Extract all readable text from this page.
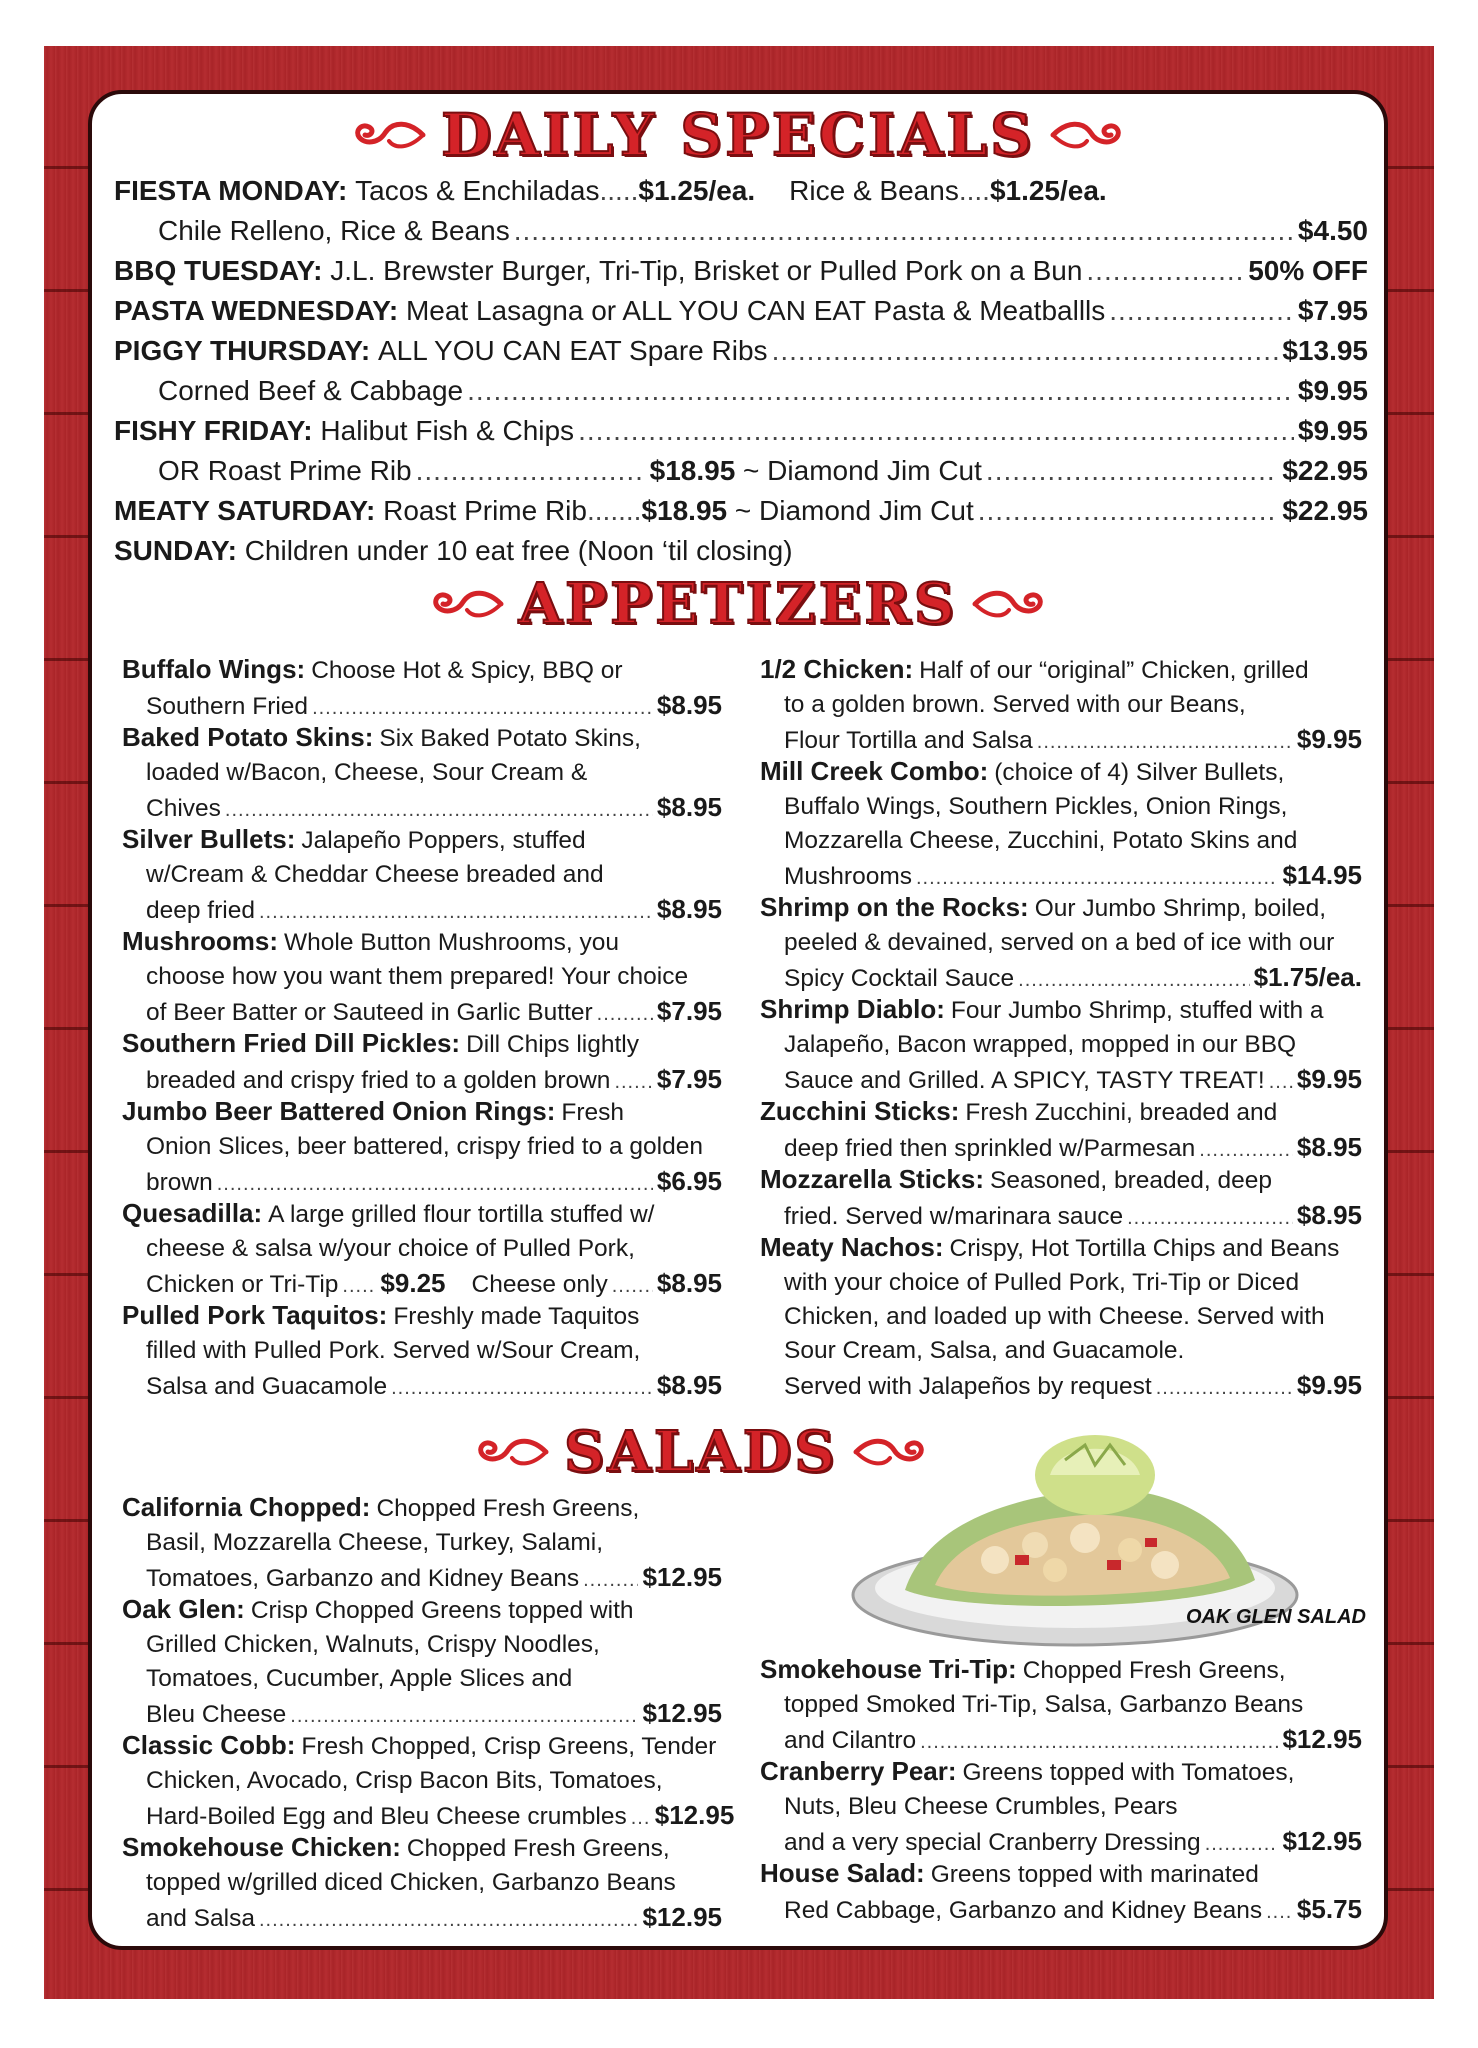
DAILY SPECIALS
FIESTA MONDAY:
Tacos & Enchiladas ..... $1.25/ea. Rice & Beans .... $1.25/ea.
Chile Relleno, Rice & Beans .....	$4.50
BBQ TUESDAY:
J.L. Brewster Burger, Tri-Tip, Brisket or Pulled Pork on a Bun .....	50% OFF
PASTA WEDNESDAY:
Meat Lasagna or ALL YOU CAN EAT Pasta & Meatballls .....	$7.95
PIGGY THURSDAY:
ALL YOU CAN EAT Spare Ribs .....	$13.95
Corned Beef & Cabbage .....	$9.95
FISHY FRIDAY:
Halibut Fish & Chips .....	$9.95
OR Roast Prime Rib .....	$18.95
~ Diamond Jim Cut .....	$22.95
MEATY SATURDAY:
Roast Prime Rib ....... $18.95
~ Diamond Jim Cut .....	$22.95
SUNDAY:
Children under 10 eat free (Noon ‘til closing)
APPETIZERS
Buffalo Wings: Choose Hot & Spicy, BBQ or
Southern Fried .....	$8.95
Baked Potato Skins: Six Baked Potato Skins,
loaded w/Bacon, Cheese, Sour Cream &
Chives .....	$8.95
Silver Bullets: Jalapeño Poppers, stuffed
w/Cream & Cheddar Cheese breaded and
deep fried .....	$8.95
Mushrooms: Whole Button Mushrooms, you
choose how you want them prepared! Your choice
of Beer Batter or Sauteed in Garlic Butter ..... $7.95
Southern Fried Dill Pickles: Dill Chips lightly
breaded and crispy fried to a golden brown ..... $7.95
Jumbo Beer Battered Onion Rings: Fresh
Onion Slices, beer battered, crispy fried to a golden
brown .....	$6.95
Quesadilla: A large grilled flour tortilla stuffed w/
cheese & salsa w/your choice of Pulled Pork,
Chicken or Tri-Tip ..... $9.25 Cheese only ..... $8.95
Pulled Pork Taquitos: Freshly made Taquitos
filled with Pulled Pork. Served w/Sour Cream,
Salsa and Guacamole .....	$8.95
1/2 Chicken: Half of our “original” Chicken, grilled
to a golden brown. Served with our Beans,
Flour Tortilla and Salsa .....	$9.95
Mill Creek Combo: (choice of 4) Silver Bullets,
Buffalo Wings, Southern Pickles, Onion Rings,
Mozzarella Cheese, Zucchini, Potato Skins and
Mushrooms .....	$14.95
Shrimp on the Rocks: Our Jumbo Shrimp, boiled,
peeled & devained, served on a bed of ice with our
Spicy Cocktail Sauce .....	$1.75/ea.
Shrimp Diablo: Four Jumbo Shrimp, stuffed with a
Jalapeño, Bacon wrapped, mopped in our BBQ
Sauce and Grilled. A SPICY, TASTY TREAT! ..... $9.95
Zucchini Sticks: Fresh Zucchini, breaded and
deep fried then sprinkled w/Parmesan .....	$8.95
Mozzarella Sticks: Seasoned, breaded, deep
fried. Served w/marinara sauce .....	$8.95
Meaty Nachos: Crispy, Hot Tortilla Chips and Beans
with your choice of Pulled Pork, Tri-Tip or Diced
Chicken, and loaded up with Cheese. Served with
Sour Cream, Salsa, and Guacamole.
Served with Jalapeños by request .....	$9.95
SALADS
California Chopped: Chopped Fresh Greens,
Basil, Mozzarella Cheese, Turkey, Salami,
Tomatoes, Garbanzo and Kidney Beans ..... $12.95
Oak Glen: Crisp Chopped Greens topped with
Grilled Chicken, Walnuts, Crispy Noodles,
Tomatoes, Cucumber, Apple Slices and
Bleu Cheese .....	$12.95
Classic Cobb: Fresh Chopped, Crisp Greens, Tender
Chicken, Avocado, Crisp Bacon Bits, Tomatoes,
Hard-Boiled Egg and Bleu Cheese crumbles ..... $12.95
Smokehouse Chicken: Chopped Fresh Greens,
topped w/grilled diced Chicken, Garbanzo Beans
and Salsa .....	$12.95
Smokehouse Tri-Tip: Chopped Fresh Greens,
topped Smoked Tri-Tip, Salsa, Garbanzo Beans
and Cilantro .....	$12.95
Cranberry Pear: Greens topped with Tomatoes,
Nuts, Bleu Cheese Crumbles, Pears
and a very special Cranberry Dressing .....	$12.95
House Salad: Greens topped with marinated
Red Cabbage, Garbanzo and Kidney Beans ..... $5.75
OAK GLEN SALAD
